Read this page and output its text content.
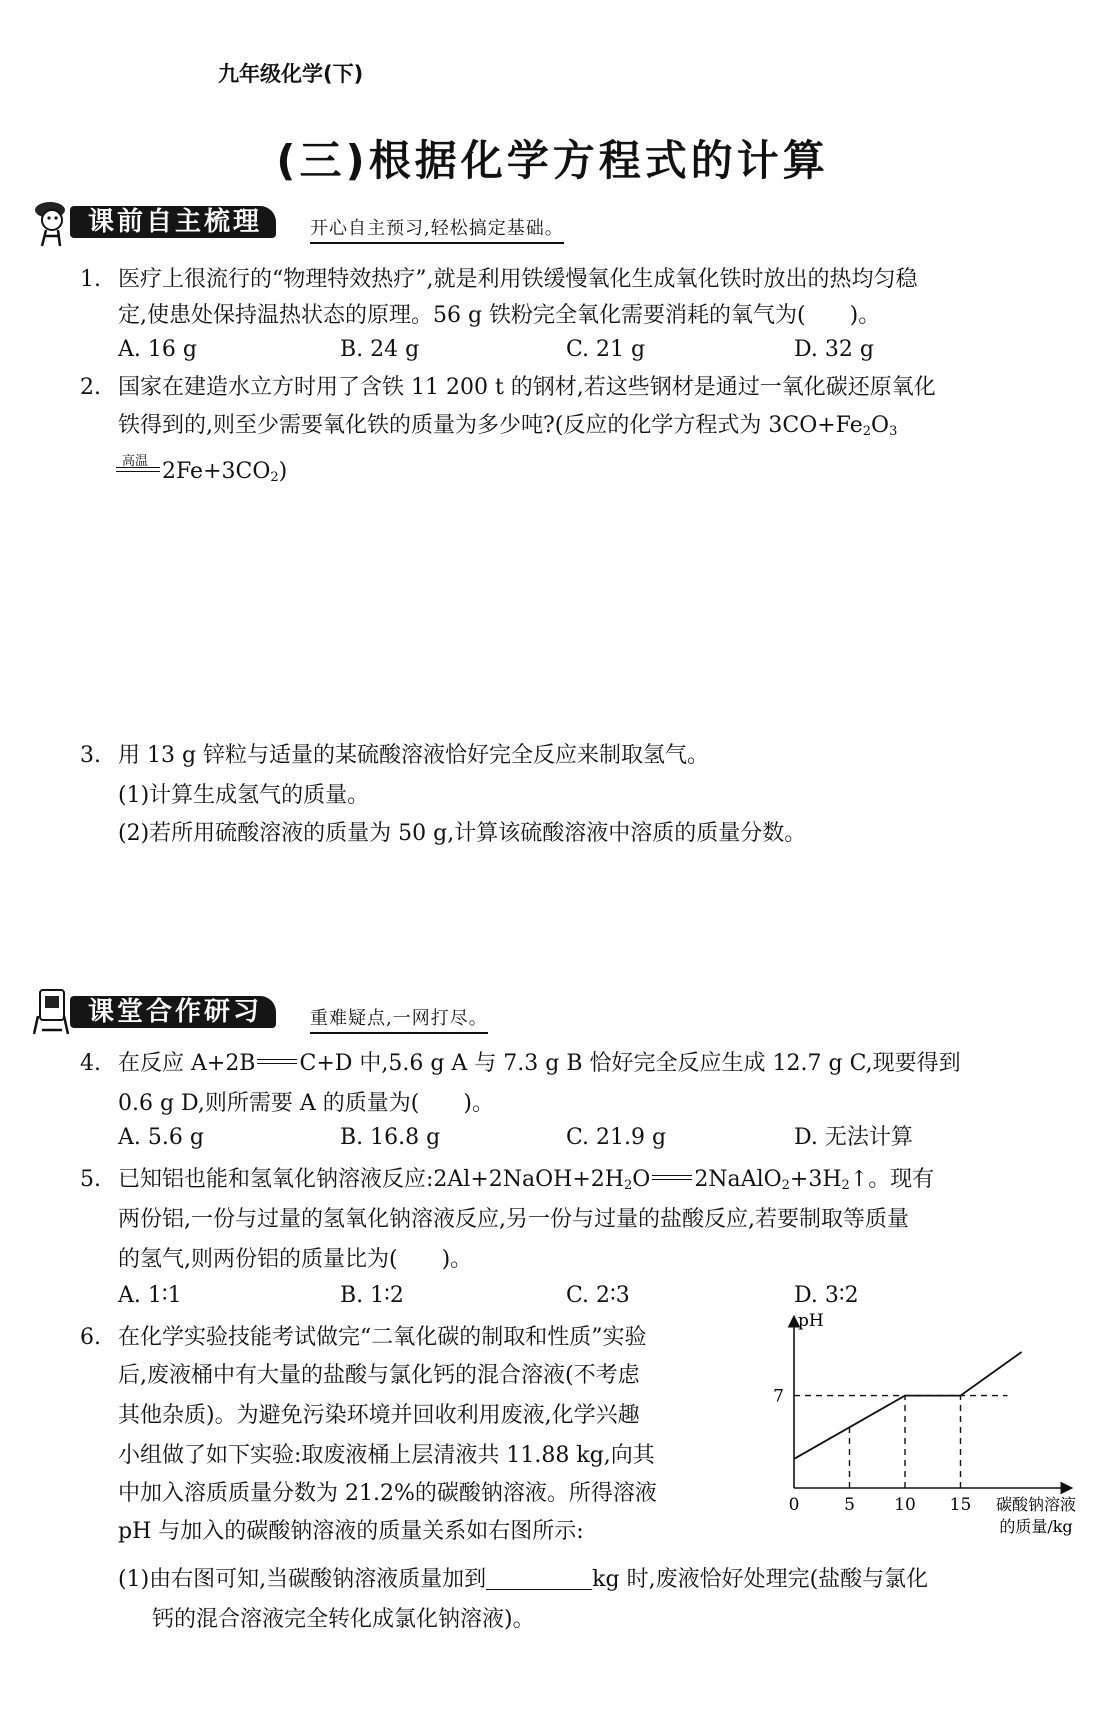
九年级化学(下)
(三)根据化学方程式的计算
课前自主梳理	开心自主预习,轻松搞定基础。
1. 医疗上很流行的“物理特效热疗”,就是利用铁缓慢氧化生成氧化铁时放出的热均匀稳
定,使患处保持温热状态的原理。56 g 铁粉完全氧化需要消耗的氧气为(　　)。
A. 16 g	B. 24 g	C. 21 g	D. 32 g
2. 国家在建造水立方时用了含铁 11 200 t 的钢材,若这些钢材是通过一氧化碳还原氧化
铁得到的,则至少需要氧化铁的质量为多少吨?(反应的化学方程式为 $3CO+Fe_2O_3$
高温 $2Fe+3CO_2$)
3. 用 13 g 锌粒与适量的某硫酸溶液恰好完全反应来制取氢气。
(1)计算生成氢气的质量。
(2)若所用硫酸溶液的质量为 50 g,计算该硫酸溶液中溶质的质量分数。
课堂合作研习	重难疑点,一网打尽。
4. 在反应 A+2B C+D 中,5.6 g A 与 7.3 g B 恰好完全反应生成 12.7 g C,现要得到
0.6 g D,则所需要 A 的质量为(　　)。
A. 5.6 g	B. 16.8 g	C. 21.9 g	D. 无法计算
5. 已知铝也能和氢氧化钠溶液反应$:2Al+2NaOH+2H_2O$ $2NaAlO_2+3H_2↑$。现有
两份铝,一份与过量的氢氧化钠溶液反应,另一份与过量的盐酸反应,若要制取等质量
的氢气,则两份铝的质量比为(　　)。
A. 1∶1	B. 1∶2	C. 2∶3	D. 3∶2
6. 在化学实验技能考试做完“二氧化碳的制取和性质”实验
后,废液桶中有大量的盐酸与氯化钙的混合溶液(不考虑
其他杂质)。为避免污染环境并回收利用废液,化学兴趣
小组做了如下实验:取废液桶上层清液共 11.88 kg,向其
中加入溶质质量分数为 21.2%的碳酸钠溶液。所得溶液
pH 与加入的碳酸钠溶液的质量关系如右图所示:
(1)由右图可知,当碳酸钠溶液质量加到	kg 时,废液恰好处理完(盐酸与氯化
钙的混合溶液完全转化成氯化钠溶液)。
pH
7
0	5 10 15 碳酸钠溶液
的质量/kg
